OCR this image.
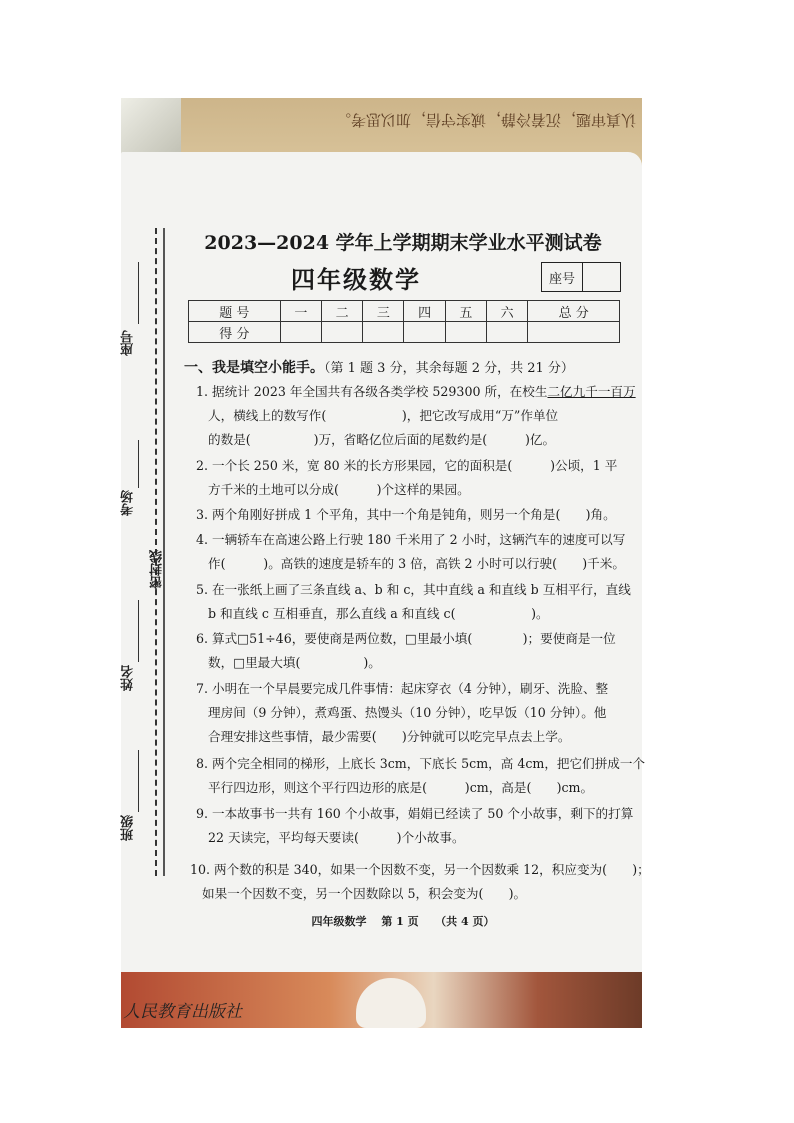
认真审题，沉着冷静，诚实守信，加以思考。
人民教育出版社
座号
考场
密封线
姓名
班级
2023—2024 学年上学期期末学业水平测试卷
四年级数学	座号
题 号	一	二	三	四	五	六	总 分
得 分							
一、我是填空小能手。（第 1 题 3 分，其余每题 2 分，共 21 分）
1. 据统计 2023 年全国共有各级各类学校 529300 所，在校生二亿九千一百万
人，横线上的数写作(　　　　　　)，把它改写成用“万”作单位
的数是(　　　　　)万，省略亿位后面的尾数约是(　　　)亿。
2. 一个长 250 米，宽 80 米的长方形果园，它的面积是(　　　)公顷，1 平
方千米的土地可以分成(　　　)个这样的果园。
3. 两个角刚好拼成 1 个平角，其中一个角是钝角，则另一个角是(　　)角。
4. 一辆轿车在高速公路上行驶 180 千米用了 2 小时，这辆汽车的速度可以写
作(　　　)。高铁的速度是轿车的 3 倍，高铁 2 小时可以行驶(　　)千米。
5. 在一张纸上画了三条直线 a、b 和 c，其中直线 a 和直线 b 互相平行，直线
b 和直线 c 互相垂直，那么直线 a 和直线 c(　　　　　　)。
6. 算式□51÷46，要使商是两位数，□里最小填(　　　　)；要使商是一位
数，□里最大填(　　　　　)。
7. 小明在一个早晨要完成几件事情：起床穿衣（4 分钟），刷牙、洗脸、整
理房间（9 分钟），煮鸡蛋、热馒头（10 分钟），吃早饭（10 分钟）。他
合理安排这些事情，最少需要(　　)分钟就可以吃完早点去上学。
8. 两个完全相同的梯形，上底长 3cm，下底长 5cm，高 4cm，把它们拼成一个
平行四边形，则这个平行四边形的底是(　　　)cm，高是(　　)cm。
9. 一本故事书一共有 160 个小故事，娟娟已经读了 50 个小故事，剩下的打算
22 天读完，平均每天要读(　　　)个小故事。
10. 两个数的积是 340，如果一个因数不变，另一个因数乘 12，积应变为(　　)；
如果一个因数不变，另一个因数除以 5，积会变为(　　)。
四年级数学　 第 1 页　　（共 4 页）
